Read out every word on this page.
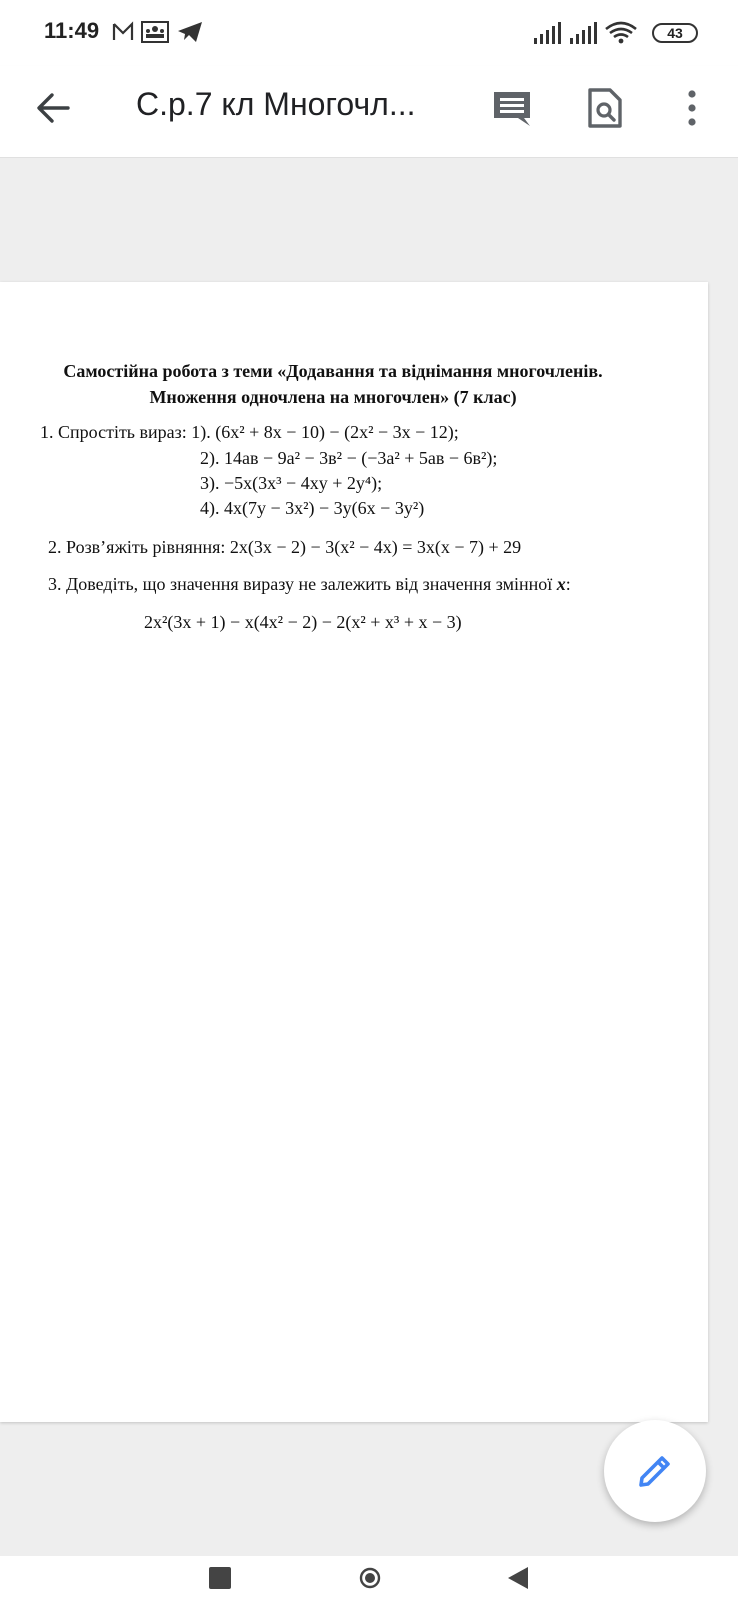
11:49	43
С.р.7 кл Многочл...
Самостійна робота з теми «Додавання та віднімання многочленів.
Множення одночлена на многочлен» (7 клас)
1. Спростіть вираз: 1). (6x² + 8x − 10) − (2x² − 3x − 12);
2). 14ав − 9a² − 3в² − (−3a² + 5ав − 6в²);
3). −5x(3x³ − 4xy + 2y⁴);
4). 4x(7y − 3x²) − 3y(6x − 3y²)
2. Розв’яжіть рівняння: 2x(3x − 2) − 3(x² − 4x) = 3x(x − 7) + 29
3. Доведіть, що значення виразу не залежить від значення змінної x:
2x²(3x + 1) − x(4x² − 2) − 2(x² + x³ + x − 3)
